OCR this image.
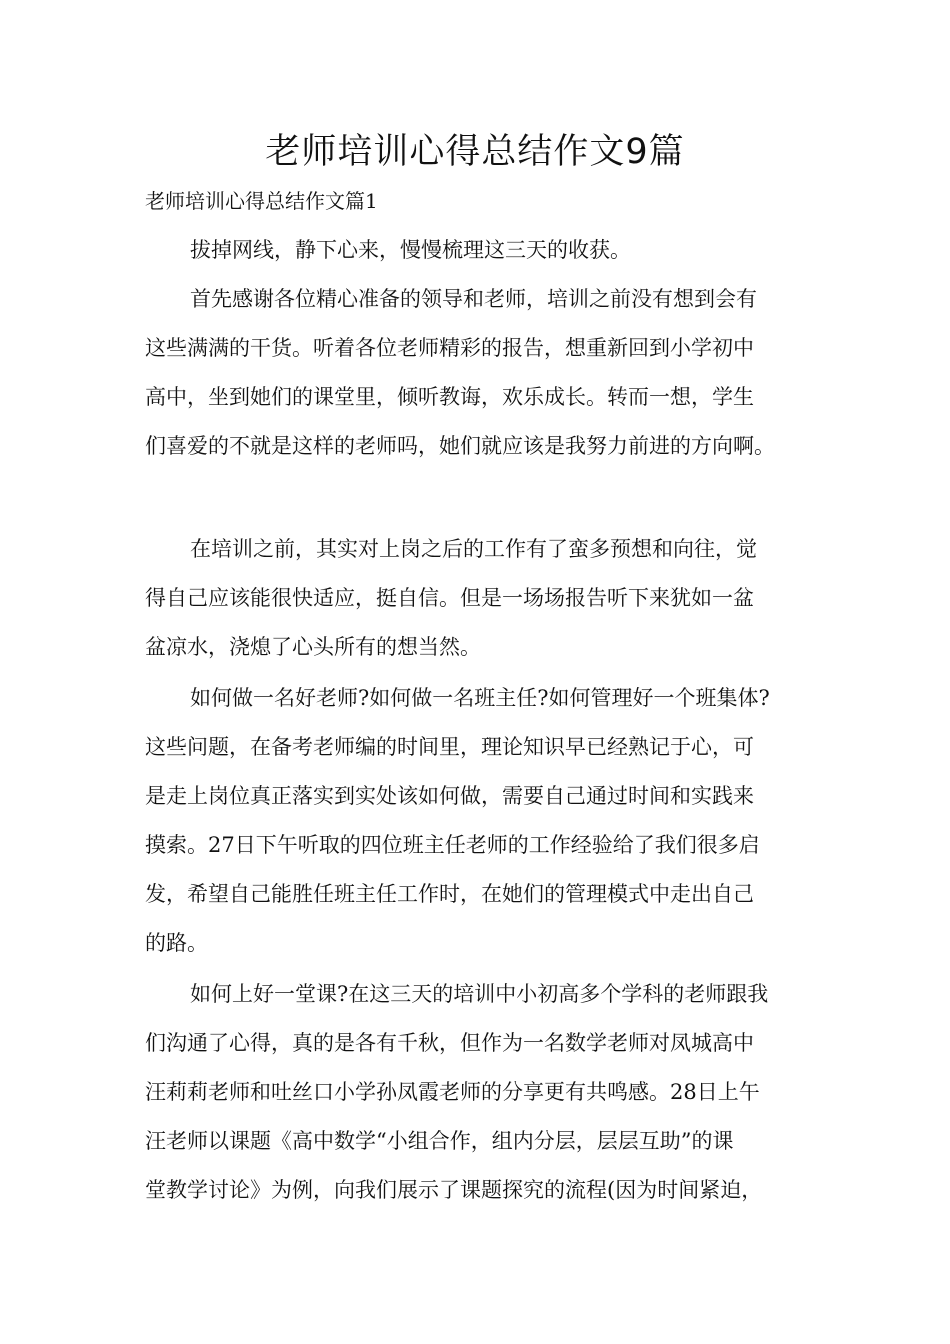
老师培训心得总结作文9篇

老师培训心得总结作文篇1

拔掉网线，静下心来，慢慢梳理这三天的收获。

首先感谢各位精心准备的领导和老师，培训之前没有想到会有
这些满满的干货。听着各位老师精彩的报告，想重新回到小学初中
高中，坐到她们的课堂里，倾听教诲，欢乐成长。转而一想，学生
们喜爱的不就是这样的老师吗，她们就应该是我努力前进的方向啊。

在培训之前，其实对上岗之后的工作有了蛮多预想和向往，觉
得自己应该能很快适应，挺自信。但是一场场报告听下来犹如一盆
盆凉水，浇熄了心头所有的想当然。

如何做一名好老师?如何做一名班主任?如何管理好一个班集体?
这些问题，在备考老师编的时间里，理论知识早已经熟记于心，可
是走上岗位真正落实到实处该如何做，需要自己通过时间和实践来
摸索。27日下午听取的四位班主任老师的工作经验给了我们很多启
发，希望自己能胜任班主任工作时，在她们的管理模式中走出自己
的路。

如何上好一堂课?在这三天的培训中小初高多个学科的老师跟我
们沟通了心得，真的是各有千秋，但作为一名数学老师对凤城高中
汪莉莉老师和吐丝口小学孙凤霞老师的分享更有共鸣感。28日上午
汪老师以课题《高中数学“小组合作，组内分层，层层互助”的课
堂教学讨论》为例，向我们展示了课题探究的流程(因为时间紧迫，
